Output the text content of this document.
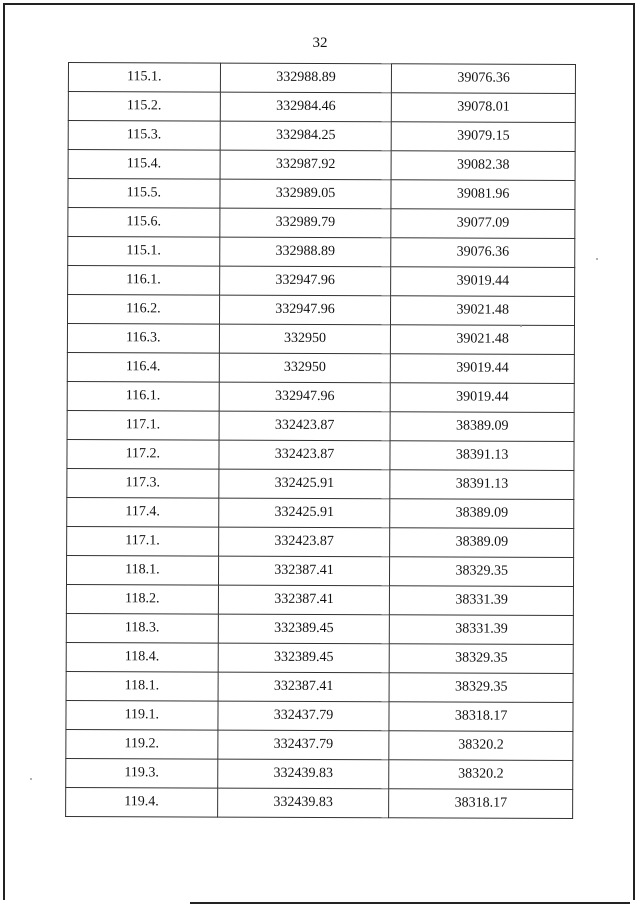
32
115.1.	332988.89	39076.36
115.2.	332984.46	39078.01
115.3.	332984.25	39079.15
115.4.	332987.92	39082.38
115.5.	332989.05	39081.96
115.6.	332989.79	39077.09
115.1.	332988.89	39076.36
116.1.	332947.96	39019.44
116.2.	332947.96	39021.48
116.3.	332950	39021.48
116.4.	332950	39019.44
116.1.	332947.96	39019.44
117.1.	332423.87	38389.09
117.2.	332423.87	38391.13
117.3.	332425.91	38391.13
117.4.	332425.91	38389.09
117.1.	332423.87	38389.09
118.1.	332387.41	38329.35
118.2.	332387.41	38331.39
118.3.	332389.45	38331.39
118.4.	332389.45	38329.35
118.1.	332387.41	38329.35
119.1.	332437.79	38318.17
119.2.	332437.79	38320.2
119.3.	332439.83	38320.2
119.4.	332439.83	38318.17
